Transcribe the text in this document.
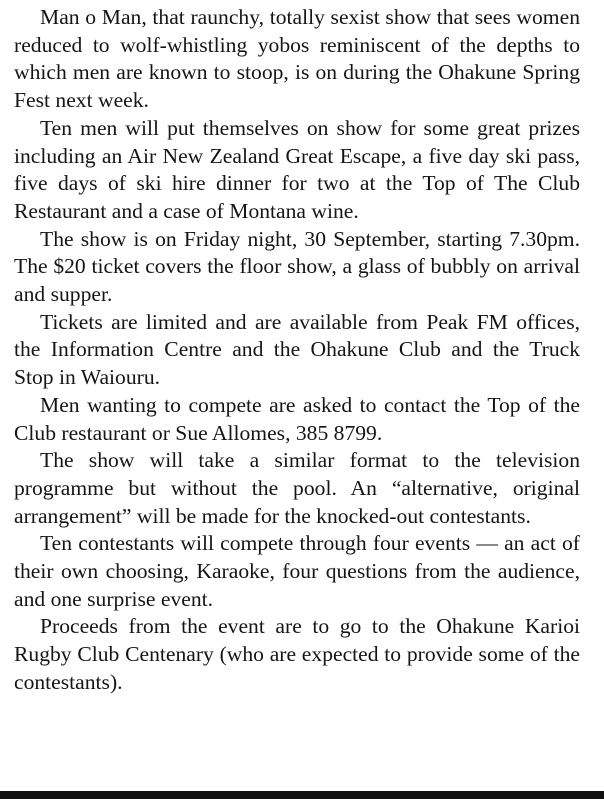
Man o Man, that raunchy, totally sexist show that sees women reduced to wolf-whistling yobos reminiscent of the depths to which men are known to stoop, is on during the Ohakune Spring Fest next week.

Ten men will put themselves on show for some great prizes including an Air New Zealand Great Escape, a five day ski pass, five days of ski hire dinner for two at the Top of The Club Restaurant and a case of Montana wine.

The show is on Friday night, 30 September, starting 7.30pm. The $20 ticket covers the floor show, a glass of bubbly on arrival and supper.

Tickets are limited and are available from Peak FM offices, the Information Centre and the Ohakune Club and the Truck Stop in Waiouru.

Men wanting to compete are asked to contact the Top of the Club restaurant or Sue Allomes, 385 8799.

The show will take a similar format to the television programme but without the pool. An “alternative, original arrangement” will be made for the knocked-out contestants.

Ten contestants will compete through four events — an act of their own choosing, Karaoke, four questions from the audience, and one surprise event.

Proceeds from the event are to go to the Ohakune Karioi Rugby Club Centenary (who are expected to provide some of the contestants).
